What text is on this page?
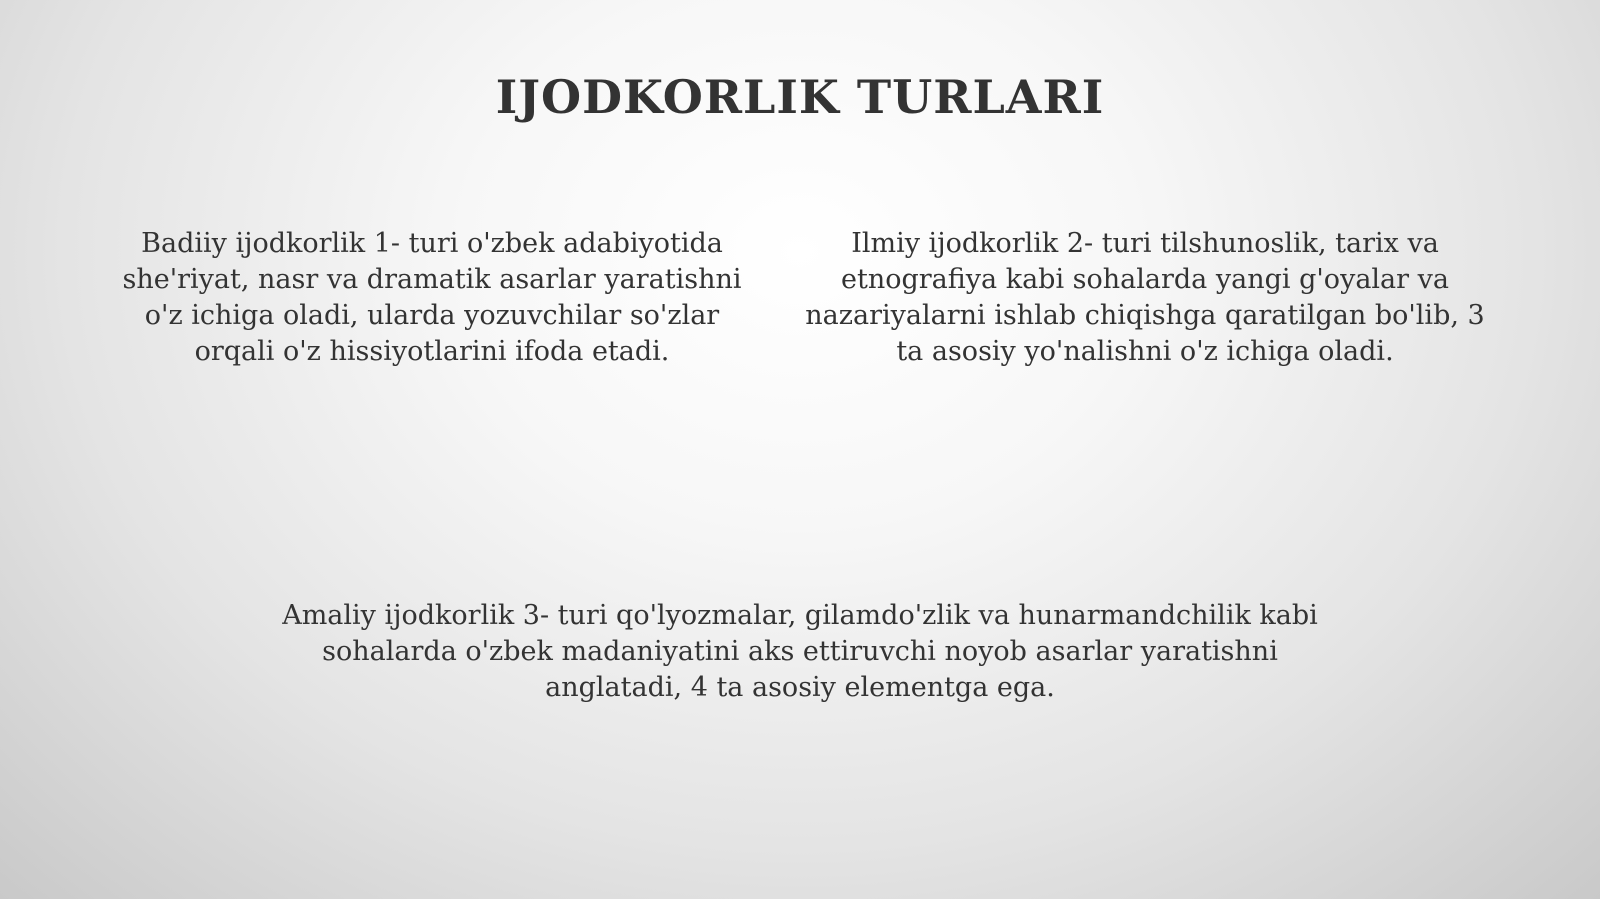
IJODKORLIK TURLARI

Badiiy ijodkorlik 1- turi o'zbek adabiyotida she'riyat, nasr va dramatik asarlar yaratishni o'z ichiga oladi, ularda yozuvchilar so'zlar orqali o'z hissiyotlarini ifoda etadi.

Ilmiy ijodkorlik 2- turi tilshunoslik, tarix va etnografiya kabi sohalarda yangi g'oyalar va nazariyalarni ishlab chiqishga qaratilgan bo'lib, 3 ta asosiy yo'nalishni o'z ichiga oladi.

Amaliy ijodkorlik 3- turi qo'lyozmalar, gilamdo'zlik va hunarmandchilik kabi sohalarda o'zbek madaniyatini aks ettiruvchi noyob asarlar yaratishni anglatadi, 4 ta asosiy elementga ega.
